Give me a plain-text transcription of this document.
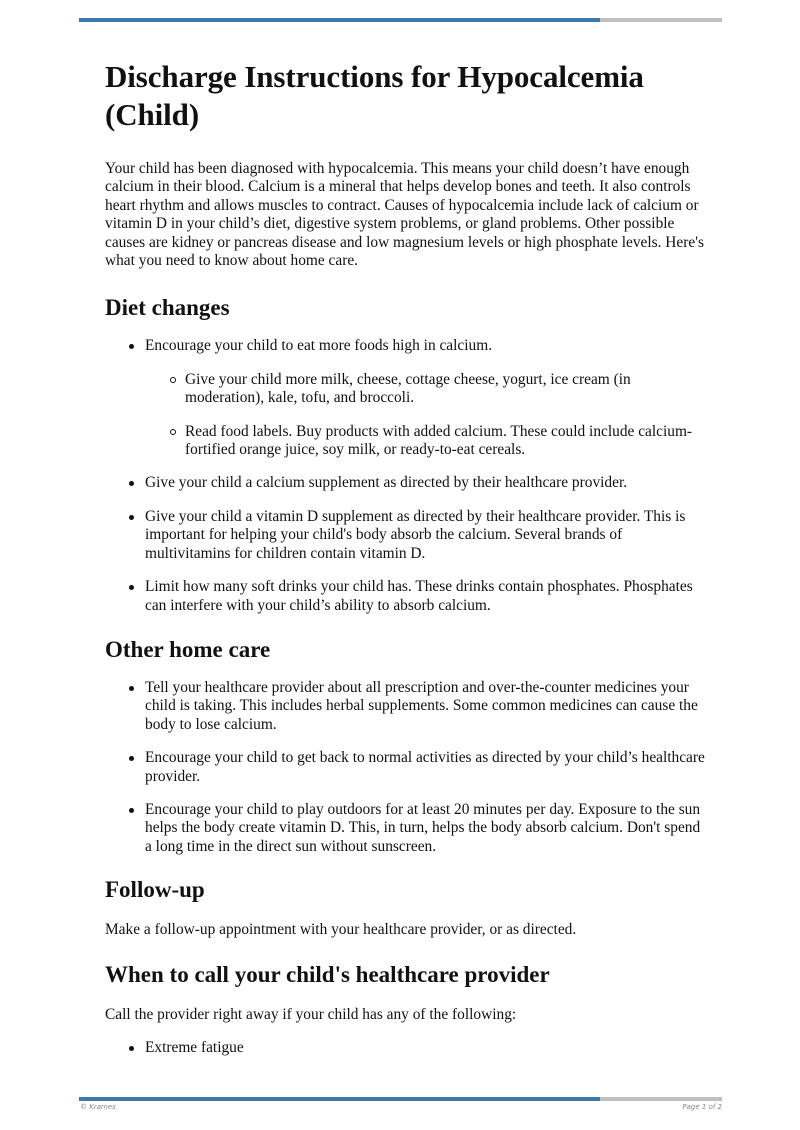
Discharge Instructions for Hypocalcemia (Child)

Your child has been diagnosed with hypocalcemia. This means your child doesn’t have enough calcium in their blood. Calcium is a mineral that helps develop bones and teeth. It also controls heart rhythm and allows muscles to contract. Causes of hypocalcemia include lack of calcium or vitamin D in your child’s diet, digestive system problems, or gland problems. Other possible causes are kidney or pancreas disease and low magnesium levels or high phosphate levels. Here's what you need to know about home care.

Diet changes
Encourage your child to eat more foods high in calcium.
Give your child more milk, cheese, cottage cheese, yogurt, ice cream (in moderation), kale, tofu, and broccoli.
Read food labels. Buy products with added calcium. These could include calcium-fortified orange juice, soy milk, or ready-to-eat cereals.
Give your child a calcium supplement as directed by their healthcare provider.
Give your child a vitamin D supplement as directed by their healthcare provider. This is important for helping your child's body absorb the calcium. Several brands of multivitamins for children contain vitamin D.
Limit how many soft drinks your child has. These drinks contain phosphates. Phosphates can interfere with your child’s ability to absorb calcium.
Other home care
Tell your healthcare provider about all prescription and over-the-counter medicines your child is taking. This includes herbal supplements. Some common medicines can cause the body to lose calcium.
Encourage your child to get back to normal activities as directed by your child’s healthcare provider.
Encourage your child to play outdoors for at least 20 minutes per day. Exposure to the sun helps the body create vitamin D. This, in turn, helps the body absorb calcium. Don't spend a long time in the direct sun without sunscreen.
Follow-up

Make a follow-up appointment with your healthcare provider, or as directed.

When to call your child's healthcare provider

Call the provider right away if your child has any of the following:

Extreme fatigue
© Krames	Page 1 of 2
